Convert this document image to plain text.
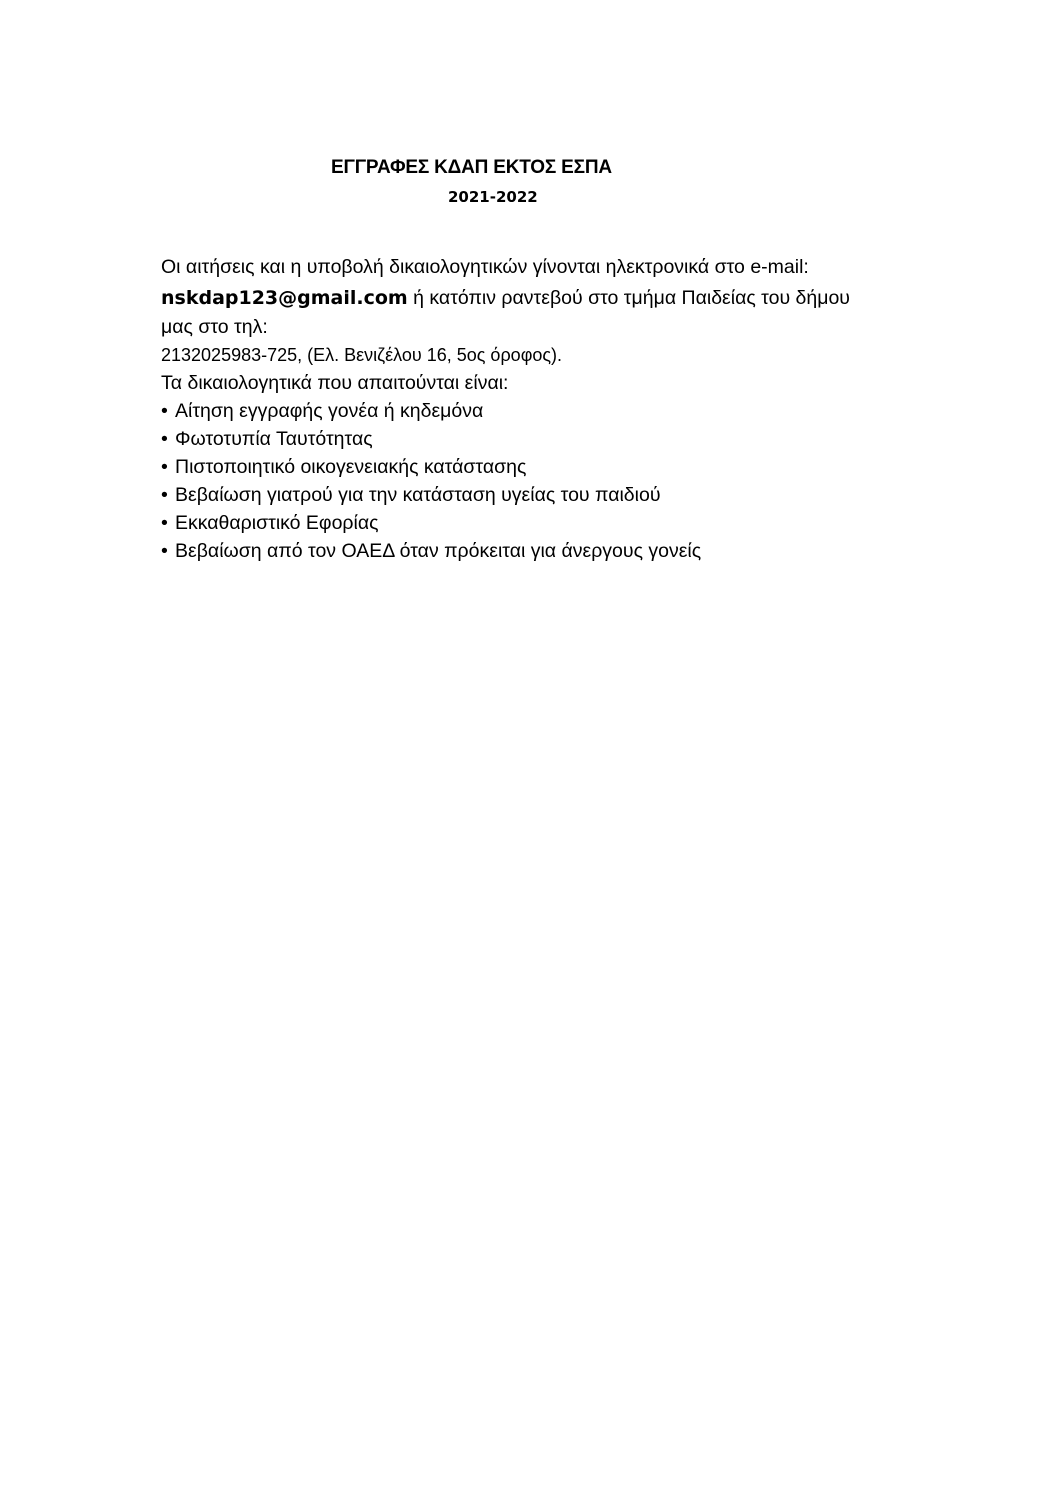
ΕΓΓΡΑΦΕΣ ΚΔΑΠ ΕΚΤΟΣ ΕΣΠΑ
2021-2022
Οι αιτήσεις και η υποβολή δικαιολογητικών γίνονται ηλεκτρονικά στο e-mail:
nskdap123@gmail.com ή κατόπιν ραντεβού στο τμήμα Παιδείας του δήμου
μας στο τηλ:
2132025983-725, (Ελ. Βενιζέλου 16, 5ος όροφος).
Τα δικαιολογητικά που απαιτούνται είναι:
• Αίτηση εγγραφής γονέα ή κηδεμόνα
• Φωτοτυπία Ταυτότητας
• Πιστοποιητικό οικογενειακής κατάστασης
• Βεβαίωση γιατρού για την κατάσταση υγείας του παιδιού
• Εκκαθαριστικό Εφορίας
• Βεβαίωση από τον ΟΑΕΔ όταν πρόκειται για άνεργους γονείς
